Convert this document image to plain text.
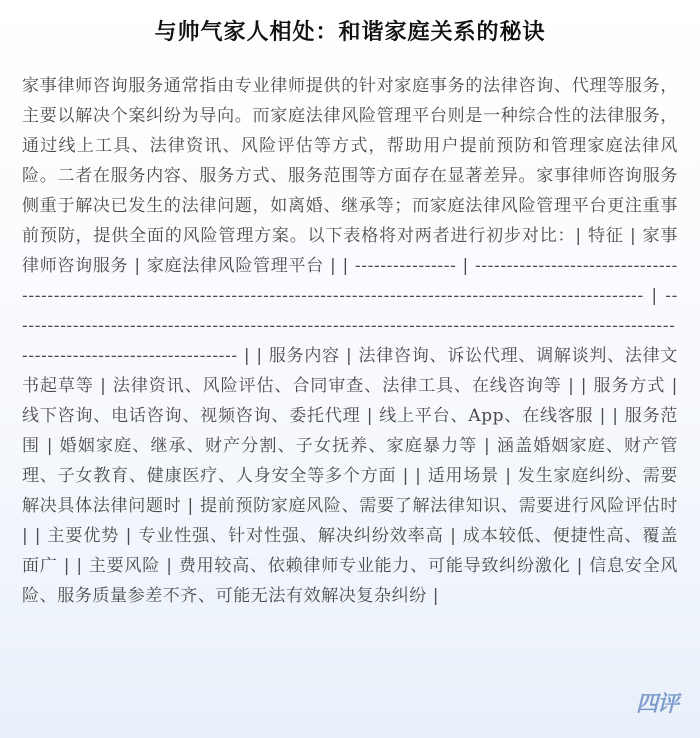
与帅气家人相处：和谐家庭关系的秘诀

家事律师咨询服务通常指由专业律师提供的针对家庭事务的法律咨询、代理等服务，主要以解决个案纠纷为导向。而家庭法律风险管理平台则是一种综合性的法律服务，通过线上工具、法律资讯、风险评估等方式，帮助用户提前预防和管理家庭法律风险。二者在服务内容、服务方式、服务范围等方面存在显著差异。家事律师咨询服务侧重于解决已发生的法律问题，如离婚、继承等；而家庭法律风险管理平台更注重事前预防，提供全面的风险管理方案。以下表格将对两者进行初步对比：| 特征 | 家事律师咨询服务 | 家庭法律风险管理平台 | | ---------------- | ---------------------------------------------------------------------------------------------------------------------------------- | ------------------------------------------------------------------------------------------------------------------------------------------- | | 服务内容 | 法律咨询、诉讼代理、调解谈判、法律文书起草等 | 法律资讯、风险评估、合同审查、法律工具、在线咨询等 | | 服务方式 | 线下咨询、电话咨询、视频咨询、委托代理 | 线上平台、App、在线客服 | | 服务范围 | 婚姻家庭、继承、财产分割、子女抚养、家庭暴力等 | 涵盖婚姻家庭、财产管理、子女教育、健康医疗、人身安全等多个方面 | | 适用场景 | 发生家庭纠纷、需要解决具体法律问题时 | 提前预防家庭风险、需要了解法律知识、需要进行风险评估时 | | 主要优势 | 专业性强、针对性强、解决纠纷效率高 | 成本较低、便捷性高、覆盖面广 | | 主要风险 | 费用较高、依赖律师专业能力、可能导致纠纷激化 | 信息安全风险、服务质量参差不齐、可能无法有效解决复杂纠纷 |

四评
